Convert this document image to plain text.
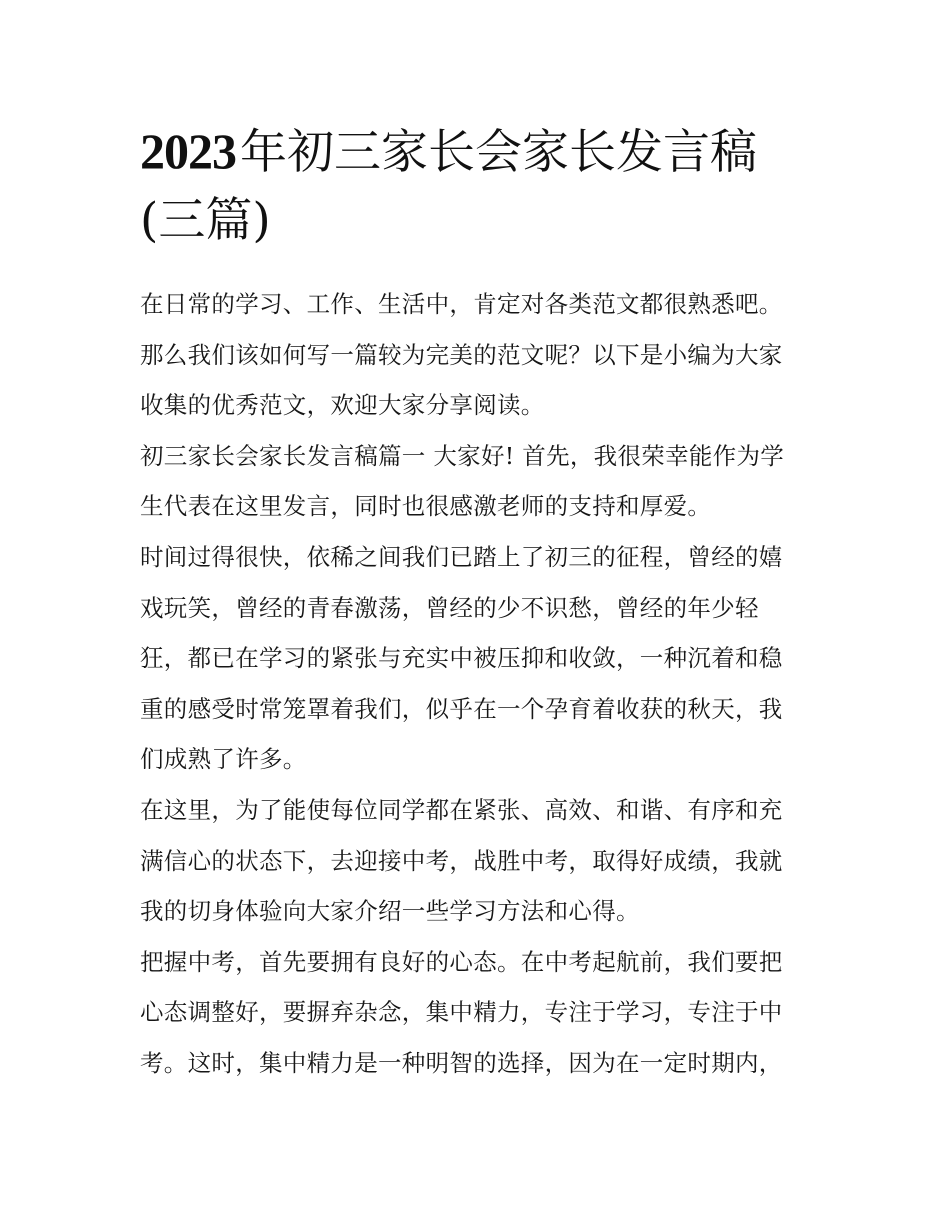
2023年初三家长会家长发言稿
(三篇)

在日常的学习、工作、生活中，肯定对各类范文都很熟悉吧。
那么我们该如何写一篇较为完美的范文呢？以下是小编为大家
收集的优秀范文，欢迎大家分享阅读。

初三家长会家长发言稿篇一 大家好! 首先，我很荣幸能作为学
生代表在这里发言，同时也很感激老师的支持和厚爱。

时间过得很快，依稀之间我们已踏上了初三的征程，曾经的嬉
戏玩笑，曾经的青春激荡，曾经的少不识愁，曾经的年少轻
狂，都已在学习的紧张与充实中被压抑和收敛，一种沉着和稳
重的感受时常笼罩着我们，似乎在一个孕育着收获的秋天，我
们成熟了许多。

在这里，为了能使每位同学都在紧张、高效、和谐、有序和充
满信心的状态下，去迎接中考，战胜中考，取得好成绩，我就
我的切身体验向大家介绍一些学习方法和心得。

把握中考，首先要拥有良好的心态。在中考起航前，我们要把
心态调整好，要摒弃杂念，集中精力，专注于学习，专注于中
考。这时，集中精力是一种明智的选择，因为在一定时期内，
